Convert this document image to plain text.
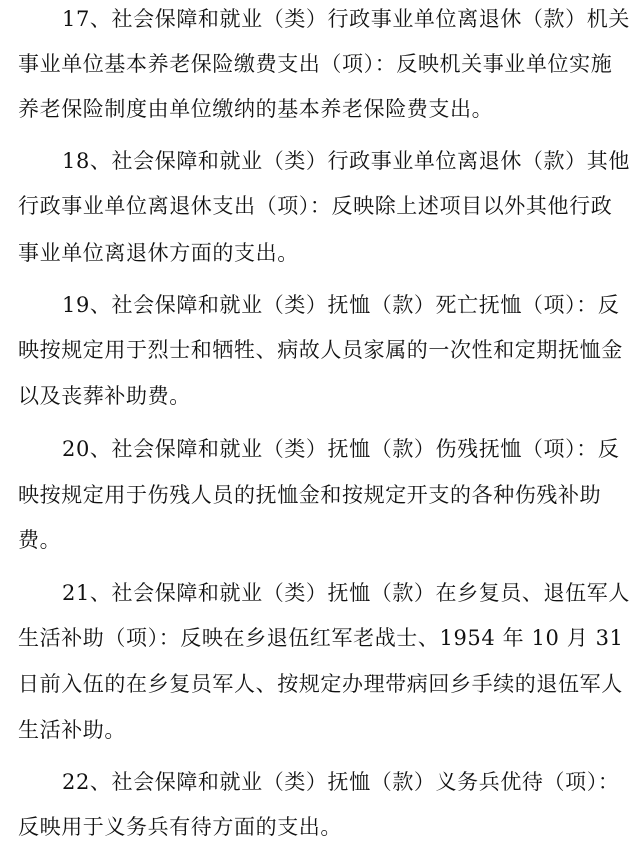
17、社会保障和就业（类）行政事业单位离退休（款）机关
事业单位基本养老保险缴费支出（项）：反映机关事业单位实施
养老保险制度由单位缴纳的基本养老保险费支出。
18、社会保障和就业（类）行政事业单位离退休（款）其他
行政事业单位离退休支出（项）：反映除上述项目以外其他行政
事业单位离退休方面的支出。
19、社会保障和就业（类）抚恤（款）死亡抚恤（项）：反
映按规定用于烈士和牺牲、病故人员家属的一次性和定期抚恤金
以及丧葬补助费。
20、社会保障和就业（类）抚恤（款）伤残抚恤（项）：反
映按规定用于伤残人员的抚恤金和按规定开支的各种伤残补助
费。
21、社会保障和就业（类）抚恤（款）在乡复员、退伍军人
生活补助（项）：反映在乡退伍红军老战士、1954 年 10 月 31
日前入伍的在乡复员军人、按规定办理带病回乡手续的退伍军人
生活补助。
22、社会保障和就业（类）抚恤（款）义务兵优待（项）：
反映用于义务兵有待方面的支出。
